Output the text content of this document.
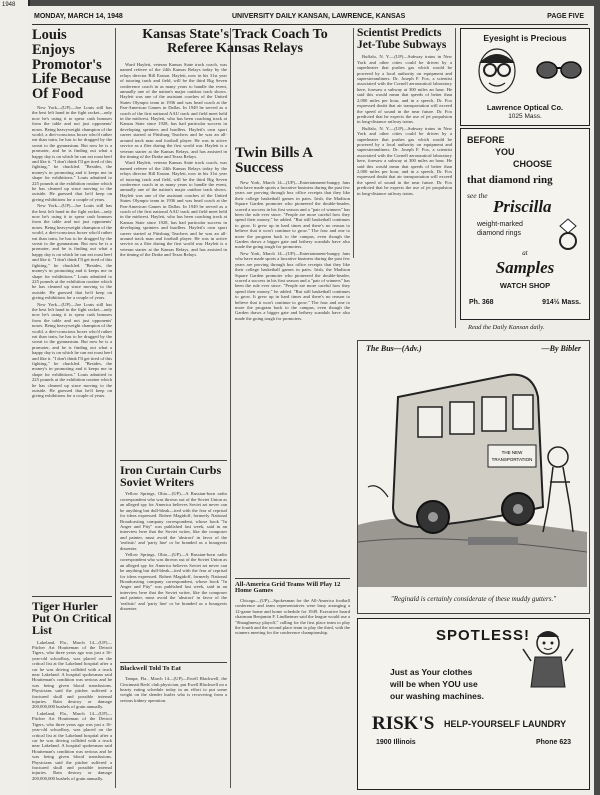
1948
MONDAY, MARCH 14, 1948	UNIVERSITY DAILY KANSAN, LAWRENCE, KANSAS	PAGE FIVE
Louis Enjoys Promotor's Life Because Of Food

New York—(UP)—Joe Louis still has the best left hand in the fight racket—only now he's using it to spear cash bonuses from the table and not just opponents' noses. Being heavyweight champion of the world, a diet-conscious boxer who'd rather eat than train, he has to be dragged by the sweat to the gymnasium. But now he is a promoter, and he is finding out what a happy day is on which he can eat roast beef and like it. "I don't think I'll get tired of this fighting," he chuckled. "Besides, the money's in promoting and it keeps me in shape for exhibitions." Louis admitted to 225 pounds at the exhibition routine which he has cleaned up since moving to the outside. He guessed that he'd keep on giving exhibitions for a couple of years.

New York—(UP)—Joe Louis still has the best left hand in the fight racket—only now he's using it to spear cash bonuses from the table and not just opponents' noses. Being heavyweight champion of the world, a diet-conscious boxer who'd rather eat than train, he has to be dragged by the sweat to the gymnasium. But now he is a promoter, and he is finding out what a happy day is on which he can eat roast beef and like it. "I don't think I'll get tired of this fighting," he chuckled. "Besides, the money's in promoting and it keeps me in shape for exhibitions." Louis admitted to 225 pounds at the exhibition routine which he has cleaned up since moving to the outside. He guessed that he'd keep on giving exhibitions for a couple of years.

New York—(UP)—Joe Louis still has the best left hand in the fight racket—only now he's using it to spear cash bonuses from the table and not just opponents' noses. Being heavyweight champion of the world, a diet-conscious boxer who'd rather eat than train, he has to be dragged by the sweat to the gymnasium. But now he is a promoter, and he is finding out what a happy day is on which he can eat roast beef and like it. "I don't think I'll get tired of this fighting," he chuckled. "Besides, the money's in promoting and it keeps me in shape for exhibitions." Louis admitted to 225 pounds at the exhibition routine which he has cleaned up since moving to the outside. He guessed that he'd keep on giving exhibitions for a couple of years.

Tiger Hurler Put On Critical List

Lakeland, Fla., March 14—(UP)—Pitcher Art Houtteman of the Detroit Tigers, who three years ago was just a 16-year-old schoolboy, was placed on the critical list at the Lakeland hospital after a car he was driving collided with a truck near Lakeland. A hospital spokesman said Houtteman's condition was serious and he was being given blood transfusions. Physicians said the pitcher suffered a fractured skull and possible internal injuries. Rain destroy or damage 200,000,000 bushels of grain annually.

Lakeland, Fla., March 14—(UP)—Pitcher Art Houtteman of the Detroit Tigers, who three years ago was just a 16-year-old schoolboy, was placed on the critical list at the Lakeland hospital after a car he was driving collided with a truck near Lakeland. A hospital spokesman said Houtteman's condition was serious and he was being given blood transfusions. Physicians said the pitcher suffered a fractured skull and possible internal injuries. Rain destroy or damage 200,000,000 bushels of grain annually.

Kansas State's Track Coach To Referee Kansas Relays

Ward Haylett, veteran Kansas State track coach, was named referee of the 24th Kansas Relays today by the relays director Bill Easton. Haylett, now in his 31st year of tutoring track and field, will be the third Big Seven conference coach in as many years to handle the event, annually one of the nation's major outdoor track shows. Haylett was one of the assistant coaches of the United States Olympic team in 1936 and was head coach at the Pan-American Games in Dallas. In 1949 he served as a coach of the first national AAU track and field meet held in the midwest. Haylett, who has been coaching track at Kansas State since 1928, has had particular success in developing sprinters and hurdlers. Haylett's own sport career started at Pittsburg Teachers and he was an all-around track man and football player. He was in active service as a flier during the first world war. Haylett is a veteran starter at the Kansas Relays, and has assisted in the timing of the Drake and Texas Relays.

Ward Haylett, veteran Kansas State track coach, was named referee of the 24th Kansas Relays today by the relays director Bill Easton. Haylett, now in his 31st year of tutoring track and field, will be the third Big Seven conference coach in as many years to handle the event, annually one of the nation's major outdoor track shows. Haylett was one of the assistant coaches of the United States Olympic team in 1936 and was head coach at the Pan-American Games in Dallas. In 1949 he served as a coach of the first national AAU track and field meet held in the midwest. Haylett, who has been coaching track at Kansas State since 1928, has had particular success in developing sprinters and hurdlers. Haylett's own sport career started at Pittsburg Teachers and he was an all-around track man and football player. He was in active service as a flier during the first world war. Haylett is a veteran starter at the Kansas Relays, and has assisted in the timing of the Drake and Texas Relays.

Iron Curtain Curbs Soviet Writers

Yellow Springs, Ohio—(UP)—A Russian-born radio correspondent who was thrown out of the Soviet Union as an alleged spy for America believes Soviet art never can be anything but dull-bleak—tied with the fear of reprisal for ideas expressed. Robert Magidoff, formerly National Broadcasting company correspondent, whose book "In Anger and Pity" was published last week, said in an interview here that the Soviet writer, like the composer and painter, must avoid the 'abstract' in favor of the 'realistic' and 'party line' or be branded as a bourgeois dissenter.

Yellow Springs, Ohio—(UP)—A Russian-born radio correspondent who was thrown out of the Soviet Union as an alleged spy for America believes Soviet art never can be anything but dull-bleak—tied with the fear of reprisal for ideas expressed. Robert Magidoff, formerly National Broadcasting company correspondent, whose book "In Anger and Pity" was published last week, said in an interview here that the Soviet writer, like the composer and painter, must avoid the 'abstract' in favor of the 'realistic' and 'party line' or be branded as a bourgeois dissenter.

Blackwell Told To Eat

Tampa, Fla., March 14—(UP)—Ewell Blackwell, the Cincinnati Reds' club physician, put Ewell Blackwell on a hearty eating schedule today in an effort to put some weight on the slender hurler who is recovering from a serious kidney operation.

Twin Bills A Success

New York, March 14—(UP)—Entertainment-hungry fans who have made sports a lucrative business during the past few years are proving through box office receipts that they like their college basketball games in pairs. Irish, the Madison Square Garden promoter who pioneered the double-header, scored a success in his first season and a "pair of winners" has been the rule ever since. "People are more careful how they spend their money," he added. "But still basketball continues to grow. It grew up in hard times and there's no reason to believe that it won't continue to grow." The four and one to more the program back to the campus, even though the Garden draws a bigger gate and bribery scandals have also made the going tough for promoters.

New York, March 14—(UP)—Entertainment-hungry fans who have made sports a lucrative business during the past few years are proving through box office receipts that they like their college basketball games in pairs. Irish, the Madison Square Garden promoter who pioneered the double-header, scored a success in his first season and a "pair of winners" has been the rule ever since. "People are more careful how they spend their money," he added. "But still basketball continues to grow. It grew up in hard times and there's no reason to believe that it won't continue to grow." The four and one to more the program back to the campus, even though the Garden draws a bigger gate and bribery scandals have also made the going tough for promoters.

All-America Grid Teams Will Play 12 Home Games

Chicago—(UP)—Spokesman for the All-America football conference and team representatives were busy arranging a 12-game home and home schedule for 1949. Executive board chairman Benjamin F. Lindheimer said the league would use a "Shaughnessy playoff," calling for the first place team to play the fourth and the second place team to play the third, with the winners meeting for the conference championship.

Scientist Predicts Jet-Tube Subways

Buffalo, N. Y.—(UP)—Subway trains in New York and other cities could be driven by a superheater that pushes gas which would be powered by a local authority on equipment and superstreamliners. Dr. Joseph F. Fox, a scientist associated with the Cornell aeronautical laboratory here, foresaw a subway at 300 miles an hour. He said this would mean that speeds of better than 2,000 miles per hour, and in a speech, Dr. Fox expressed doubt that air transportation will exceed the speed of sound in the near future. Dr. Fox predicted that he expects the use of jet propulsion in long-distance railway trains.

Buffalo, N. Y.—(UP)—Subway trains in New York and other cities could be driven by a superheater that pushes gas which would be powered by a local authority on equipment and superstreamliners. Dr. Joseph F. Fox, a scientist associated with the Cornell aeronautical laboratory here, foresaw a subway at 300 miles an hour. He said this would mean that speeds of better than 2,000 miles per hour, and in a speech, Dr. Fox expressed doubt that air transportation will exceed the speed of sound in the near future. Dr. Fox predicted that he expects the use of jet propulsion in long-distance railway trains.

Eyesight is Precious
Lawrence Optical Co.
1025 Mass.
BEFORE
YOU
CHOOSE
that diamond ring
see the
Priscilla
weight-marked
diamond rings
at
Samples
WATCH SHOP
Ph. 368	914½ Mass.
Read the Daily Kansan daily.
The Bus—(Adv.)	—By Bibler
THE NEW
TRANSPORTATION
"Reginald is certainly considerate of these muddy gutters."
SPOTLESS!
Just as Your clothes
will be when YOU use
our washing machines.
RISK'S HELP-YOURSELF LAUNDRY
1900 Illinois	Phone 623
